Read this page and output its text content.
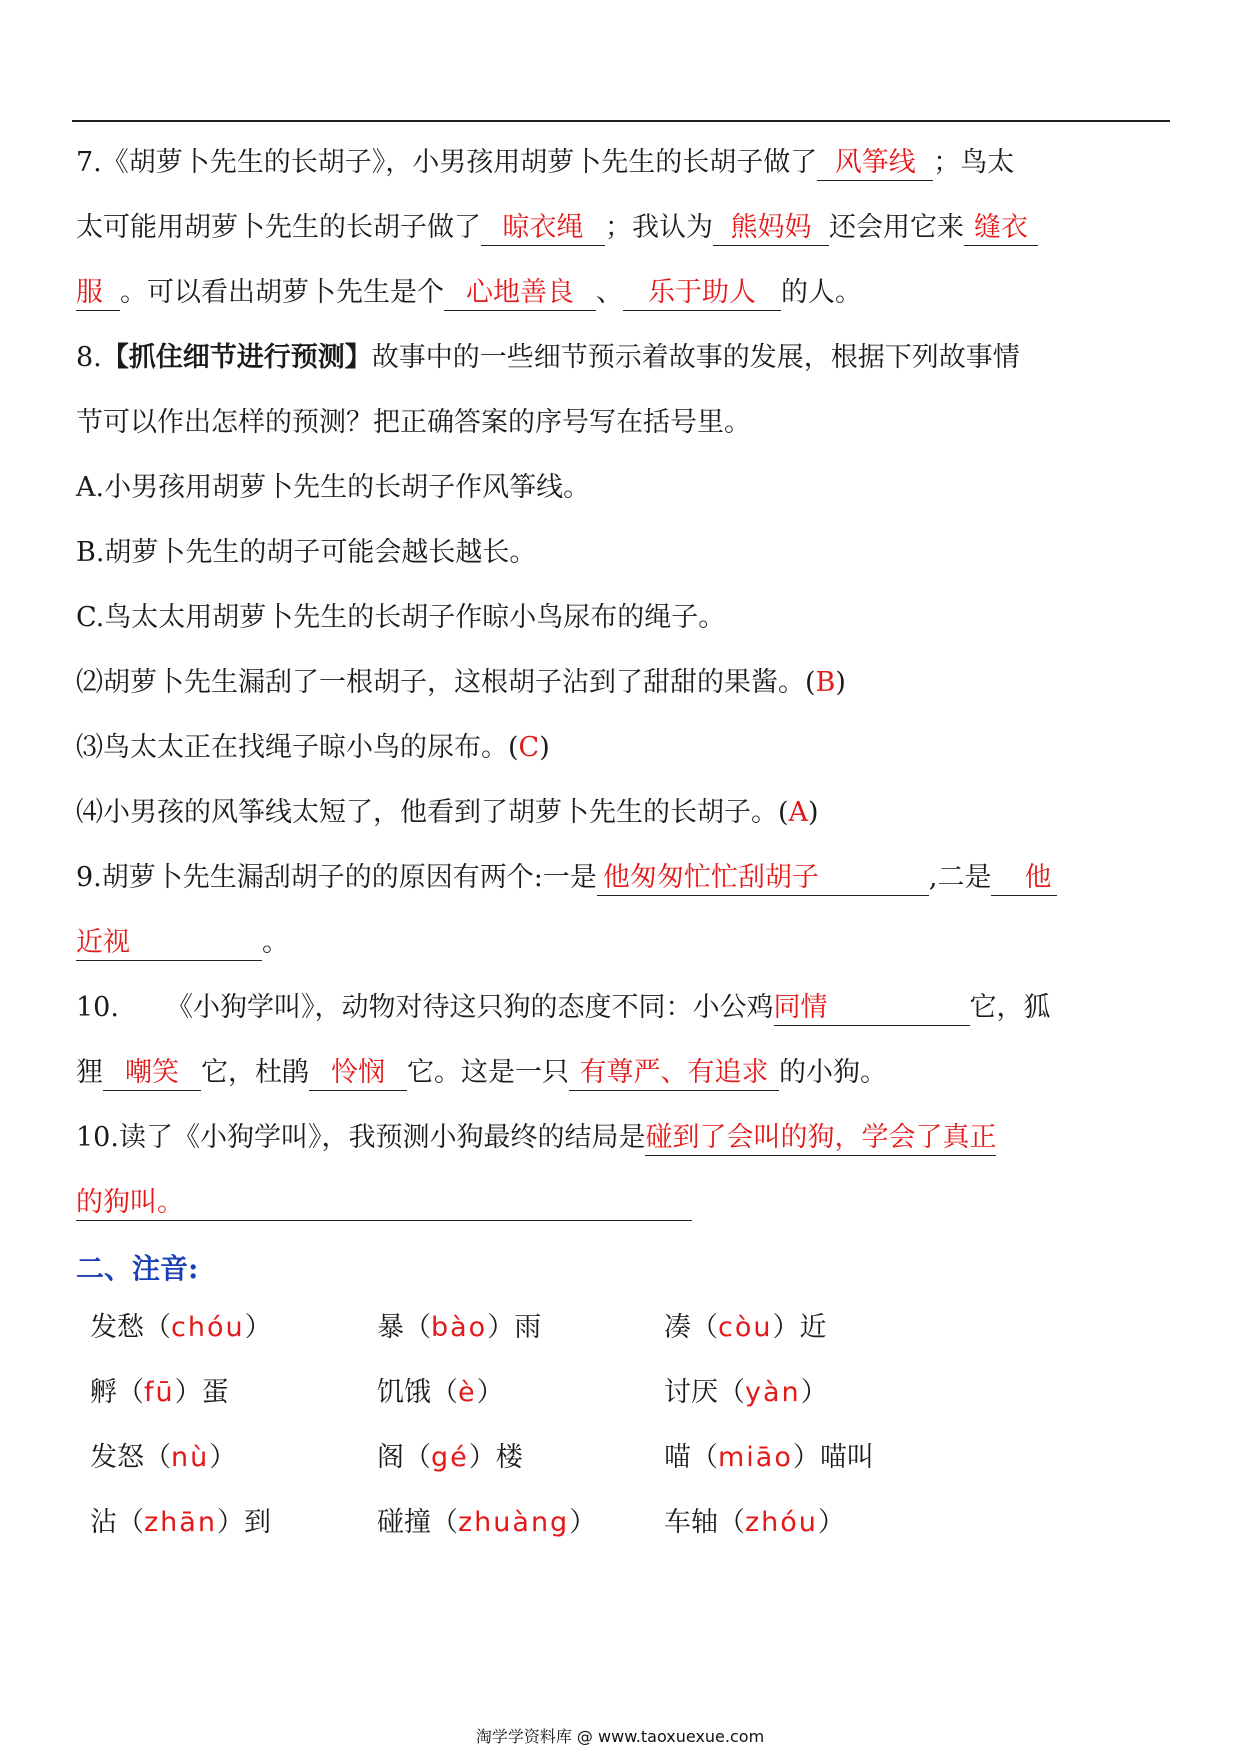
7.《胡萝卜先生的长胡子》，小男孩用胡萝卜先生的长胡子做了 风筝线 ；鸟太
太可能用胡萝卜先生的长胡子做了 晾衣绳 ；我认为 熊妈妈 还会用它来 缝衣
服 。可以看出胡萝卜先生是个 心地善良 、 乐于助人 的人。
8.【抓住细节进行预测】故事中的一些细节预示着故事的发展，根据下列故事情
节可以作出怎样的预测？把正确答案的序号写在括号里。
A.小男孩用胡萝卜先生的长胡子作风筝线。
B.胡萝卜先生的胡子可能会越长越长。
C.鸟太太用胡萝卜先生的长胡子作晾小鸟尿布的绳子。
⑵胡萝卜先生漏刮了一根胡子，这根胡子沾到了甜甜的果酱。(B)
⑶鸟太太正在找绳子晾小鸟的尿布。(C)
⑷小男孩的风筝线太短了，他看到了胡萝卜先生的长胡子。(A)
9.胡萝卜先生漏刮胡子的的原因有两个:一是 他匆匆忙忙刮胡子	,二是 他
近视	。
10. 《小狗学叫》，动物对待这只狗的态度不同：小公鸡同情	它，狐
狸 嘲笑 它，杜鹃 怜悯 它。这是一只 有尊严、有追求 的小狗。
10.读了《小狗学叫》，我预测小狗最终的结局是碰到了会叫的狗，学会了真正
的狗叫。
二、注音:
发愁（chóu）	暴（bào）雨	凑（còu）近
孵（fū）蛋	饥饿（è）	讨厌（yàn）
发怒（nù）	阁（gé）楼	喵（miāo）喵叫
沾（zhān）到	碰撞（zhuàng）	车轴（zhóu）
淘学学资料库 @ www.taoxuexue.com
